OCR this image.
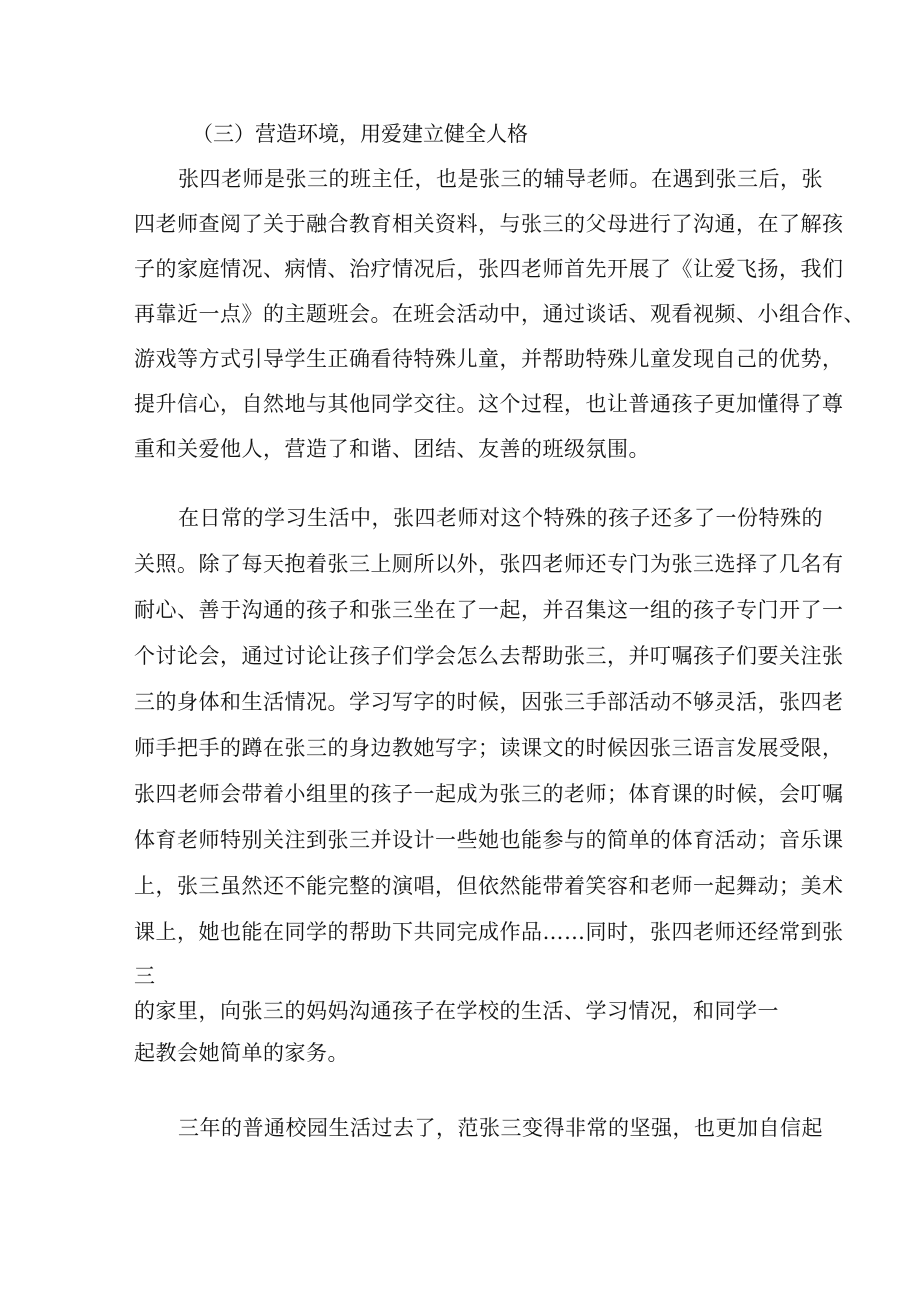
（三）营造环境，用爱建立健全人格
张四老师是张三的班主任，也是张三的辅导老师。在遇到张三后，张
四老师查阅了关于融合教育相关资料，与张三的父母进行了沟通，在了解孩
子的家庭情况、病情、治疗情况后，张四老师首先开展了《让爱飞扬，我们
再靠近一点》的主题班会。在班会活动中，通过谈话、观看视频、小组合作、
游戏等方式引导学生正确看待特殊儿童，并帮助特殊儿童发现自己的优势，
提升信心，自然地与其他同学交往。这个过程，也让普通孩子更加懂得了尊
重和关爱他人，营造了和谐、团结、友善的班级氛围。
在日常的学习生活中，张四老师对这个特殊的孩子还多了一份特殊的
关照。除了每天抱着张三上厕所以外，张四老师还专门为张三选择了几名有
耐心、善于沟通的孩子和张三坐在了一起，并召集这一组的孩子专门开了一
个讨论会，通过讨论让孩子们学会怎么去帮助张三，并叮嘱孩子们要关注张
三的身体和生活情况。学习写字的时候，因张三手部活动不够灵活，张四老
师手把手的蹲在张三的身边教她写字；读课文的时候因张三语言发展受限，
张四老师会带着小组里的孩子一起成为张三的老师；体育课的时候，会叮嘱
体育老师特别关注到张三并设计一些她也能参与的简单的体育活动；音乐课
上，张三虽然还不能完整的演唱，但依然能带着笑容和老师一起舞动；美术
课上，她也能在同学的帮助下共同完成作品……同时，张四老师还经常到张
三
的家里，向张三的妈妈沟通孩子在学校的生活、学习情况，和同学一
起教会她简单的家务。
三年的普通校园生活过去了，范张三变得非常的坚强，也更加自信起
